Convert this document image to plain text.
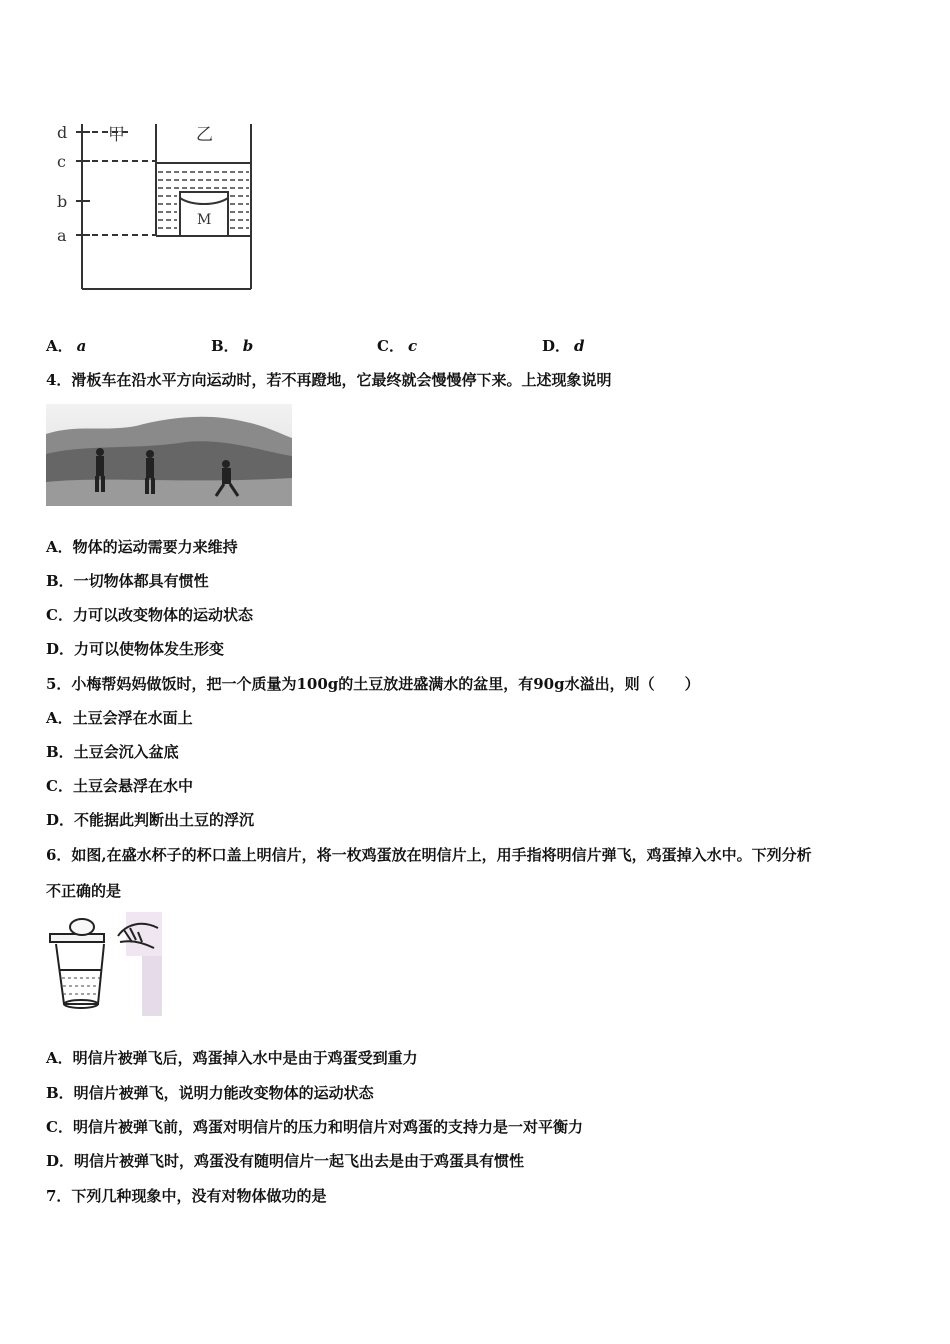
d
c
b
a
甲	乙
M
A． a	B． b	C． c	D． d
4．滑板车在沿水平方向运动时，若不再蹬地，它最终就会慢慢停下来。上述现象说明
A．物体的运动需要力来维持
B．一切物体都具有惯性
C．力可以改变物体的运动状态
D．力可以使物体发生形变
5．小梅帮妈妈做饭时，把一个质量为100g的土豆放进盛满水的盆里，有90g水溢出，则（　　）
A．土豆会浮在水面上
B．土豆会沉入盆底
C．土豆会悬浮在水中
D．不能据此判断出土豆的浮沉
6．如图,在盛水杯子的杯口盖上明信片，将一枚鸡蛋放在明信片上，用手指将明信片弹飞，鸡蛋掉入水中。下列分析
不正确的是
A．明信片被弹飞后，鸡蛋掉入水中是由于鸡蛋受到重力
B．明信片被弹飞，说明力能改变物体的运动状态
C．明信片被弹飞前，鸡蛋对明信片的压力和明信片对鸡蛋的支持力是一对平衡力
D．明信片被弹飞时，鸡蛋没有随明信片一起飞出去是由于鸡蛋具有惯性
7．下列几种现象中，没有对物体做功的是
